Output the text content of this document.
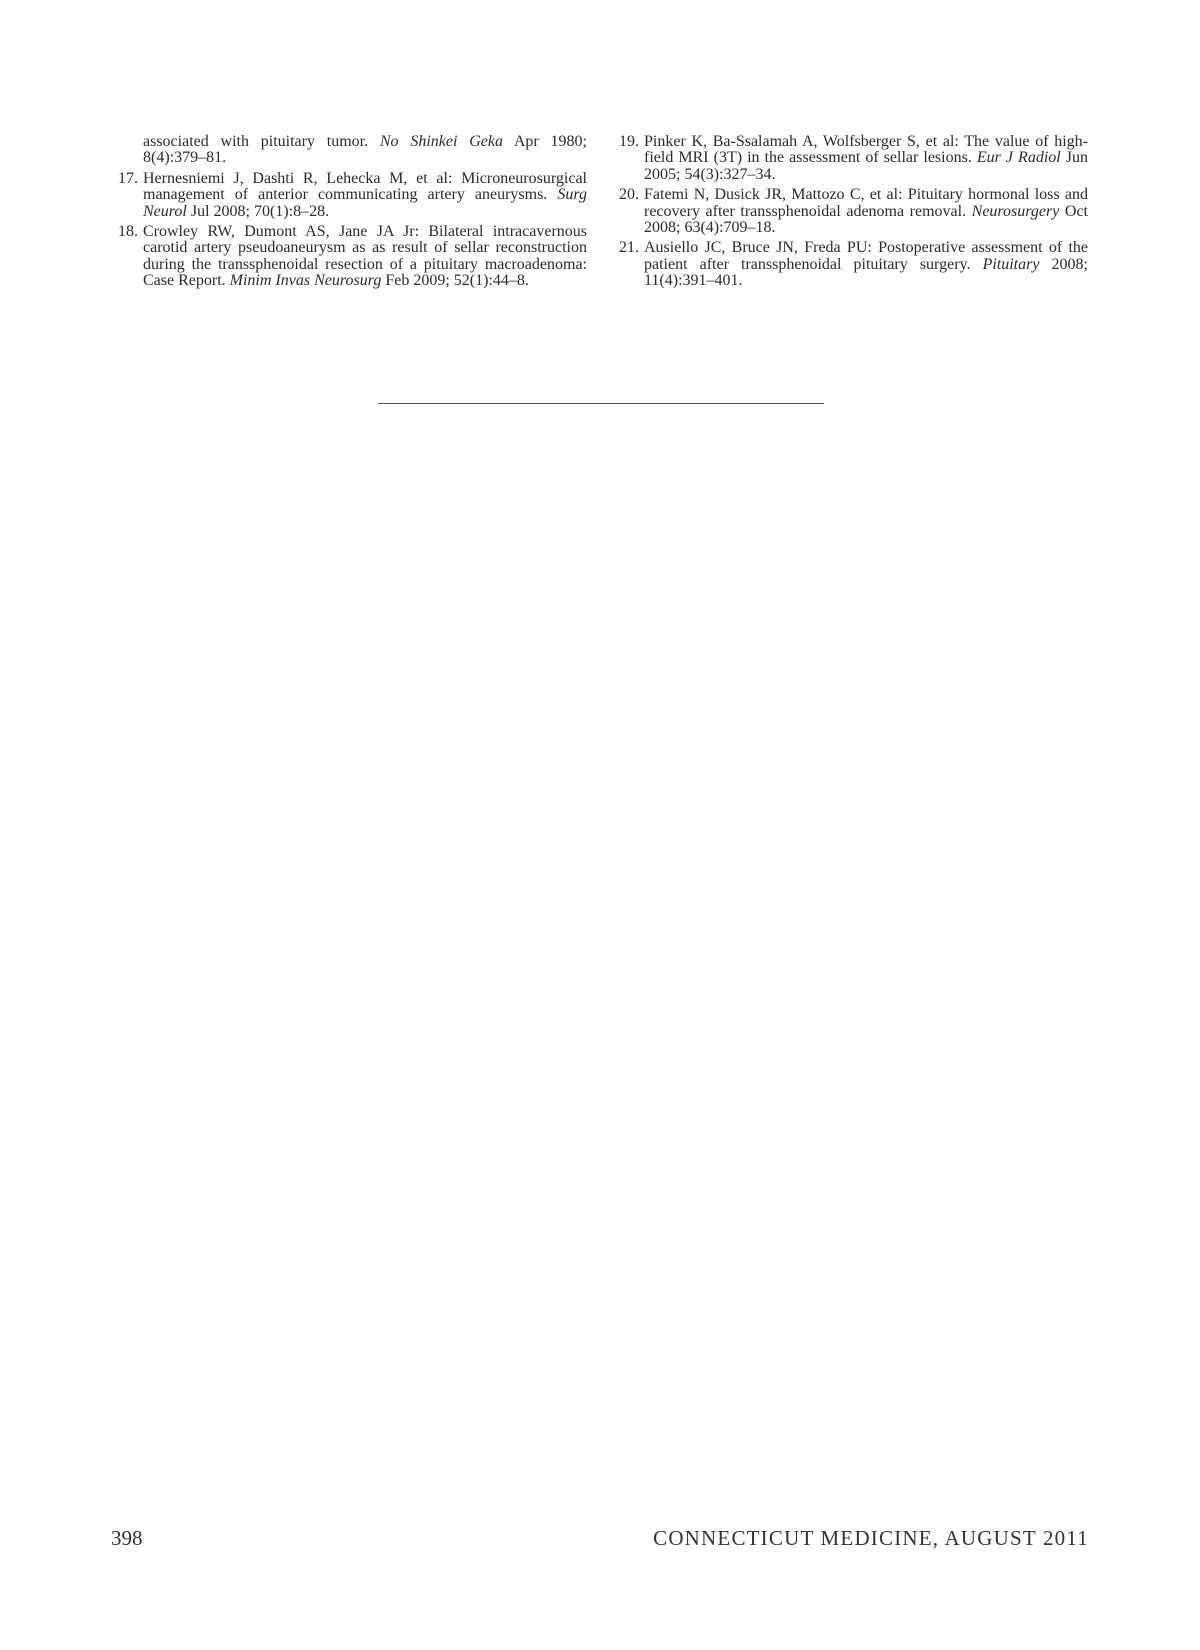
associated with pituitary tumor. No Shinkei Geka Apr 1980; 8(4):379–81.
17. Hernesniemi J, Dashti R, Lehecka M, et al: Microneurosurgical management of anterior communicating artery aneurysms. Surg Neurol Jul 2008; 70(1):8–28.
18. Crowley RW, Dumont AS, Jane JA Jr: Bilateral intracavernous carotid artery pseudoaneurysm as as result of sellar reconstruction during the transsphenoidal resection of a pituitary macroadenoma: Case Report. Minim Invas Neurosurg Feb 2009; 52(1):44–8.
19. Pinker K, Ba-Ssalamah A, Wolfsberger S, et al: The value of high-field MRI (3T) in the assessment of sellar lesions. Eur J Radiol Jun 2005; 54(3):327–34.
20. Fatemi N, Dusick JR, Mattozo C, et al: Pituitary hormonal loss and recovery after transsphenoidal adenoma removal. Neurosurgery Oct 2008; 63(4):709–18.
21. Ausiello JC, Bruce JN, Freda PU: Postoperative assessment of the patient after transsphenoidal pituitary surgery. Pituitary 2008; 11(4):391–401.
398	CONNECTICUT MEDICINE, AUGUST 2011
